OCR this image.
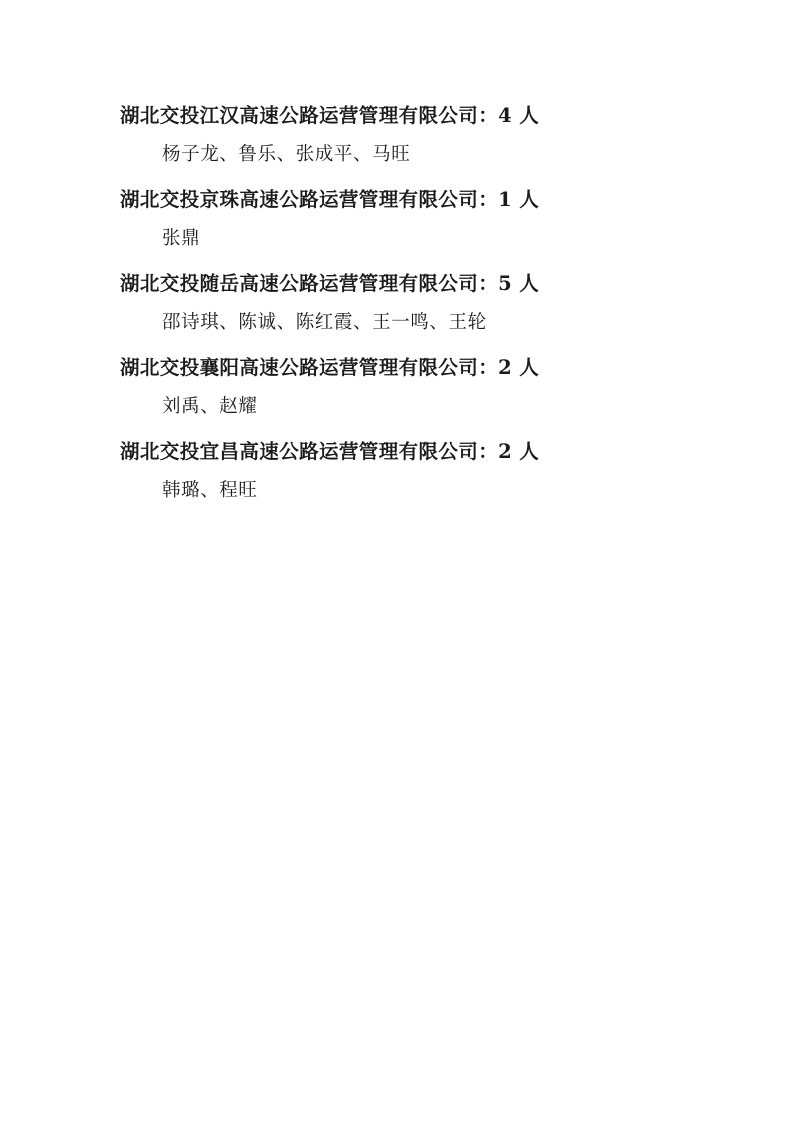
湖北交投江汉高速公路运营管理有限公司：4 人
杨子龙、鲁乐、张成平、马旺
湖北交投京珠高速公路运营管理有限公司：1 人
张鼎
湖北交投随岳高速公路运营管理有限公司：5 人
邵诗琪、陈诚、陈红霞、王一鸣、王轮
湖北交投襄阳高速公路运营管理有限公司：2 人
刘禹、赵耀
湖北交投宜昌高速公路运营管理有限公司：2 人
韩璐、程旺
